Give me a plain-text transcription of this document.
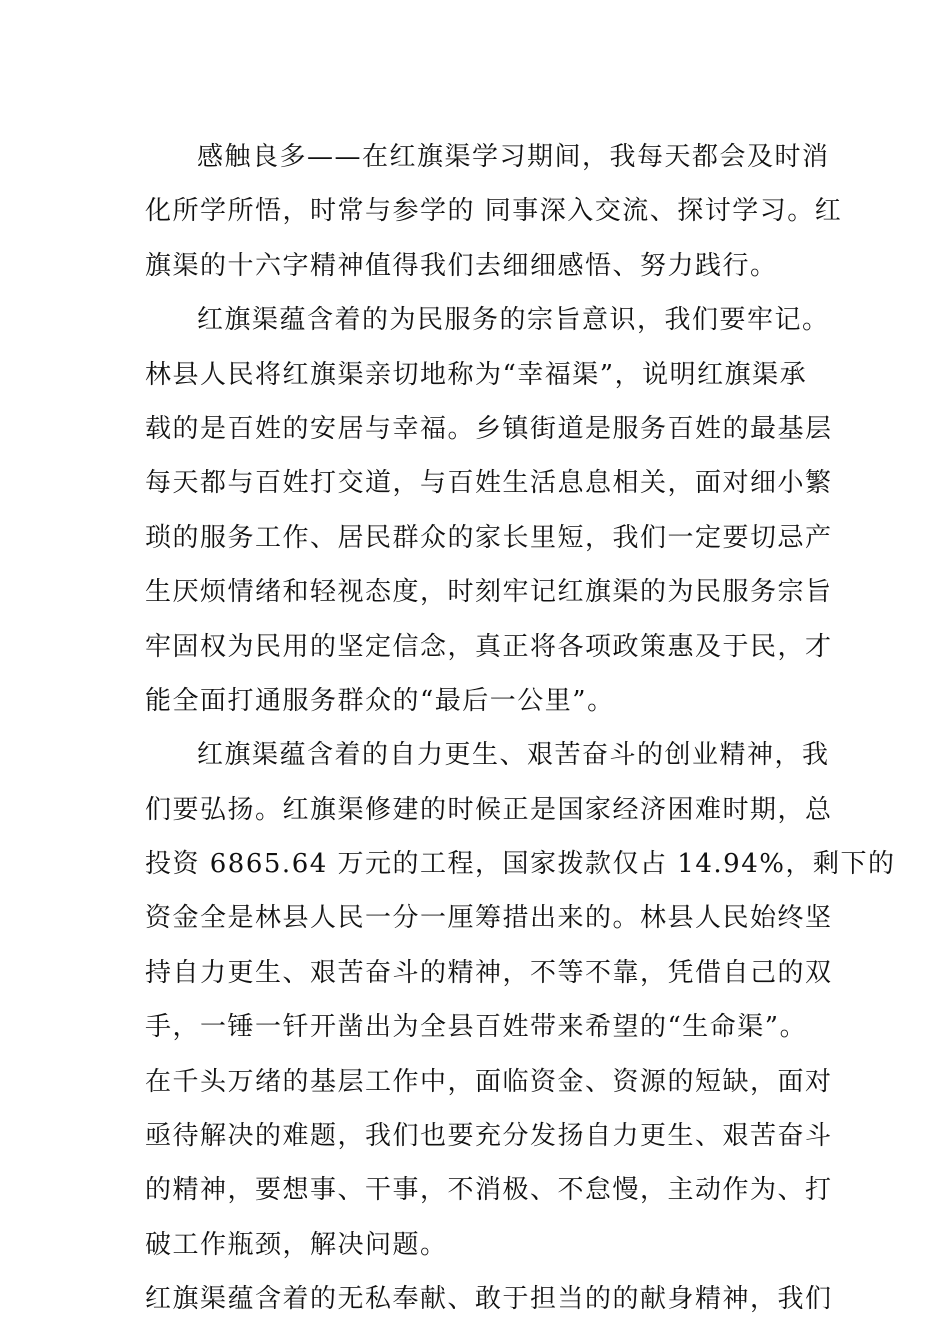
感触良多——在红旗渠学习期间，我每天都会及时消
化所学所悟，时常与参学的 同事深入交流、探讨学习。红
旗渠的十六字精神值得我们去细细感悟、努力践行。
红旗渠蕴含着的为民服务的宗旨意识，我们要牢记。
林县人民将红旗渠亲切地称为“幸福渠”，说明红旗渠承
载的是百姓的安居与幸福。乡镇街道是服务百姓的最基层
每天都与百姓打交道，与百姓生活息息相关，面对细小繁
琐的服务工作、居民群众的家长里短，我们一定要切忌产
生厌烦情绪和轻视态度，时刻牢记红旗渠的为民服务宗旨
牢固权为民用的坚定信念，真正将各项政策惠及于民，才
能全面打通服务群众的“最后一公里”。
红旗渠蕴含着的自力更生、艰苦奋斗的创业精神，我
们要弘扬。红旗渠修建的时候正是国家经济困难时期，总
投资 6865.64 万元的工程，国家拨款仅占 14.94%，剩下的
资金全是林县人民一分一厘筹措出来的。林县人民始终坚
持自力更生、艰苦奋斗的精神，不等不靠，凭借自己的双
手，一锤一钎开凿出为全县百姓带来希望的“生命渠”。
在千头万绪的基层工作中，面临资金、资源的短缺，面对
亟待解决的难题，我们也要充分发扬自力更生、艰苦奋斗
的精神，要想事、干事，不消极、不怠慢，主动作为、打
破工作瓶颈，解决问题。
红旗渠蕴含着的无私奉献、敢于担当的的献身精神，我们
